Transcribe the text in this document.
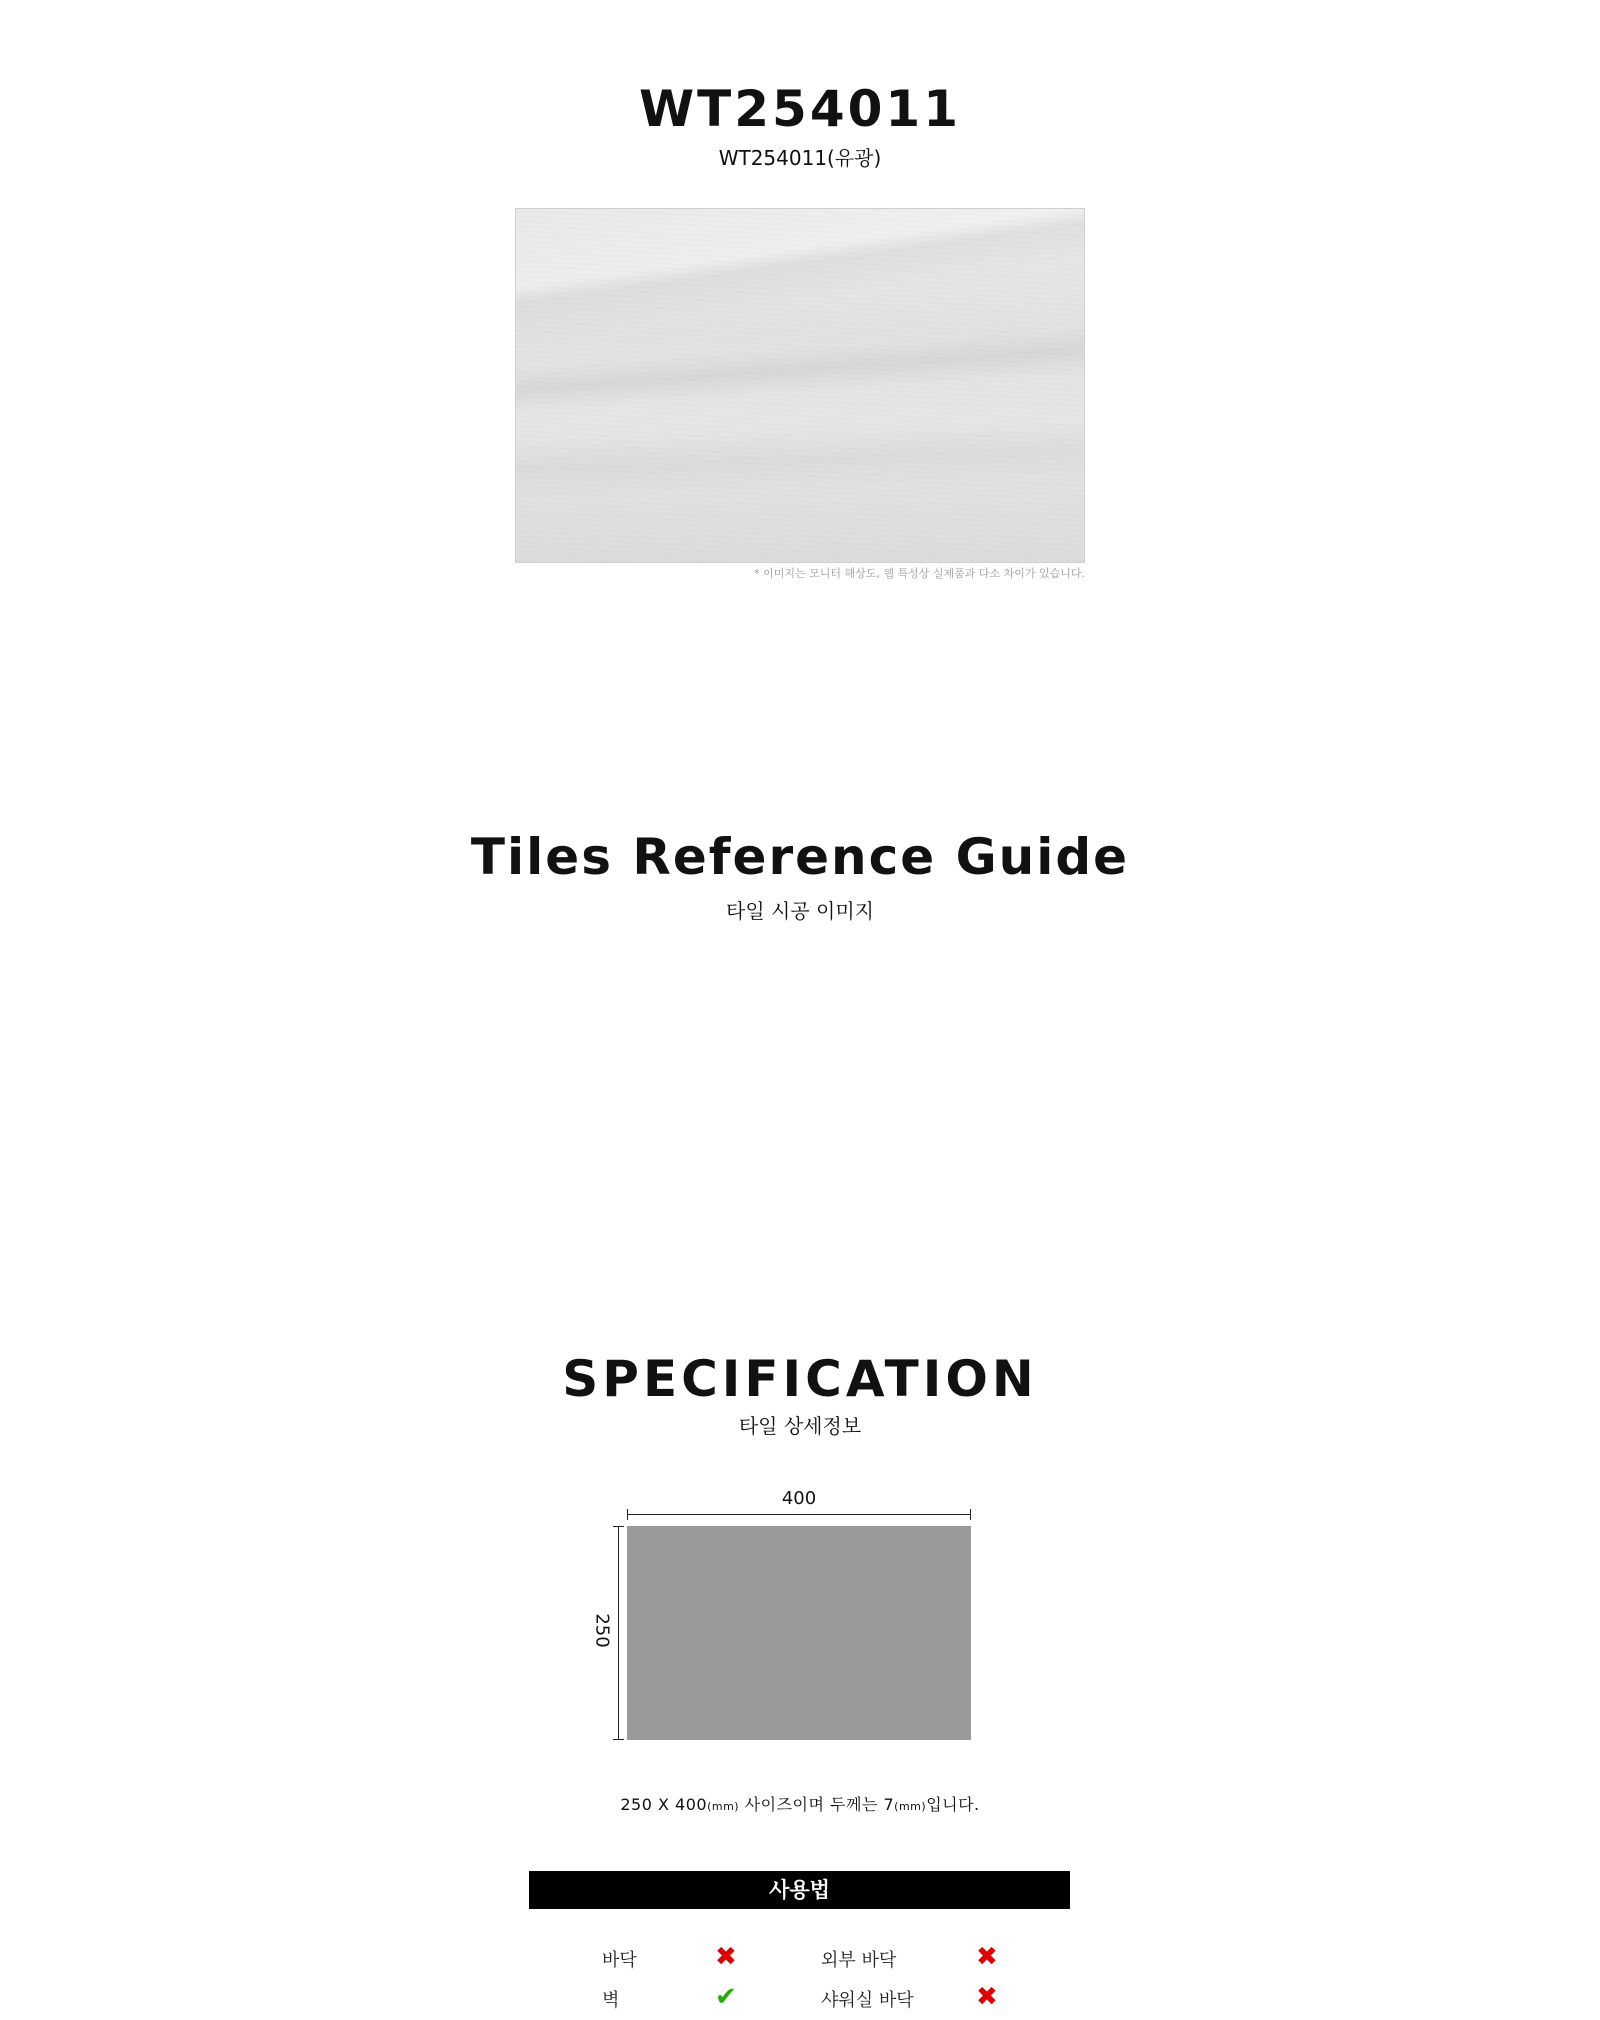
WT254011
WT254011(유광)
* 이미지는 모니터 해상도, 웹 특성상 실제품과 다소 차이가 있습니다.
Tiles Reference Guide
타일 시공 이미지
SPECIFICATION
타일 상세정보
400
250
250 X 400(mm) 사이즈이며 두께는 7(mm)입니다.
사용법
바닥	✖	외부 바닥	✖
벽	✔	샤워실 바닥 ✖
